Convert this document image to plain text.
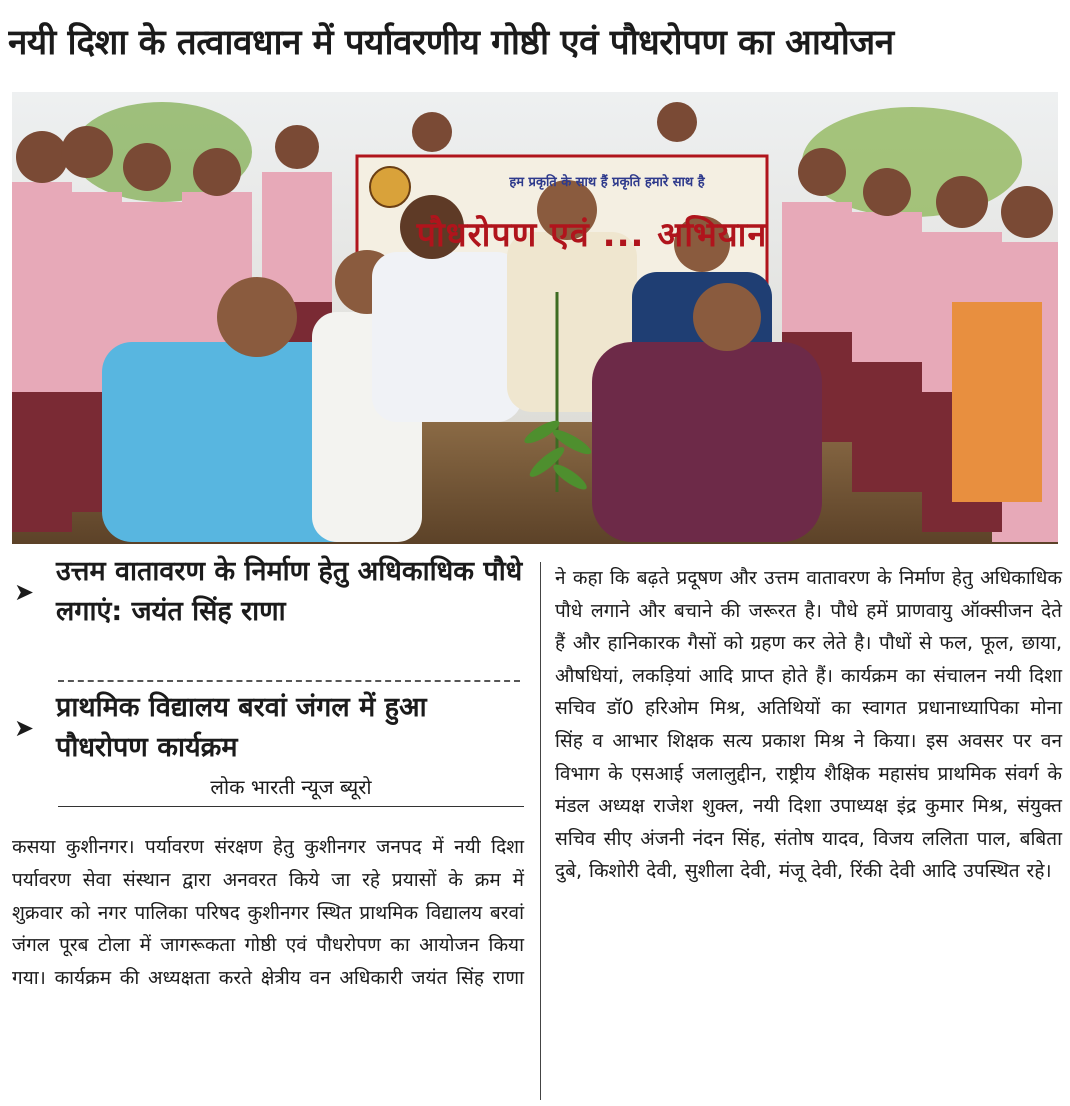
नयी दिशा के तत्वावधान में पर्यावरणीय गोष्ठी एवं पौधरोपण का आयोजन
हम प्रकृति के साथ हैं प्रकृति हमारे साथ है
पौधरोपण एवं ... अभियान
➤
उत्तम वातावरण के निर्माण हेतु अधिकाधिक पौधे लगाएं: जयंत सिंह राणा
➤
प्राथमिक विद्यालय बरवां जंगल में हुआ पौधरोपण कार्यक्रम
लोक भारती न्यूज ब्यूरो
कसया कुशीनगर। पर्यावरण संरक्षण हेतु कुशीनगर जनपद में नयी दिशा पर्यावरण सेवा संस्थान द्वारा अनवरत किये जा रहे प्रयासों के क्रम में शुक्रवार को नगर पालिका परिषद कुशीनगर स्थित प्राथमिक विद्यालय बरवां जंगल पूरब टोला में जागरूकता गोष्ठी एवं पौधरोपण का आयोजन किया गया। कार्यक्रम की अध्यक्षता करते क्षेत्रीय वन अधिकारी जयंत सिंह राणा
ने कहा कि बढ़ते प्रदूषण और उत्तम वातावरण के निर्माण हेतु अधिकाधिक पौधे लगाने और बचाने की जरूरत है। पौधे हमें प्राणवायु ऑक्सीजन देते हैं और हानिकारक गैसों को ग्रहण कर लेते है। पौधों से फल, फूल, छाया, औषधियां, लकड़ियां आदि प्राप्त होते हैं। कार्यक्रम का संचालन नयी दिशा सचिव डॉ0 हरिओम मिश्र, अतिथियों का स्वागत प्रधानाध्यापिका मोना सिंह व आभार शिक्षक सत्य प्रकाश मिश्र ने किया। इस अवसर पर वन विभाग के एसआई जलालुद्दीन, राष्ट्रीय शैक्षिक महासंघ प्राथमिक संवर्ग के मंडल अध्यक्ष राजेश शुक्ल, नयी दिशा उपाध्यक्ष इंद्र कुमार मिश्र, संयुक्त सचिव सीए अंजनी नंदन सिंह, संतोष यादव, विजय ललिता पाल, बबिता दुबे, किशोरी देवी, सुशीला देवी, मंजू देवी, रिंकी देवी आदि उपस्थित रहे।
